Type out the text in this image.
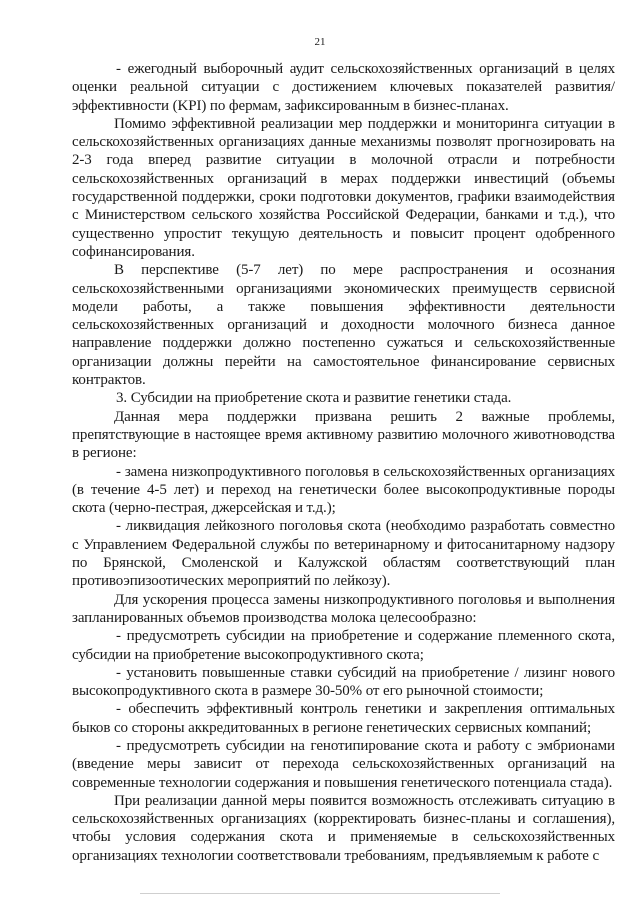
21

- ежегодный выборочный аудит сельскохозяйственных организаций в целях оценки реальной ситуации с достижением ключевых показателей развития/эффективности (KPI) по фермам, зафиксированным в бизнес-планах.

Помимо эффективной реализации мер поддержки и мониторинга ситуации в сельскохозяйственных организациях данные механизмы позволят прогнозировать на 2-3 года вперед развитие ситуации в молочной отрасли и потребности сельскохозяйственных организаций в мерах поддержки инвестиций (объемы государственной поддержки, сроки подготовки документов, графики взаимодействия с Министерством сельского хозяйства Российской Федерации, банками и т.д.), что существенно упростит текущую деятельность и повысит процент одобренного софинансирования.

В перспективе (5-7 лет) по мере распространения и осознания сельскохозяйственными организациями экономических преимуществ сервисной модели работы, а также повышения эффективности деятельности сельскохозяйственных организаций и доходности молочного бизнеса данное направление поддержки должно постепенно сужаться и сельскохозяйственные организации должны перейти на самостоятельное финансирование сервисных контрактов.

3. Субсидии на приобретение скота и развитие генетики стада.

Данная мера поддержки призвана решить 2 важные проблемы, препятствующие в настоящее время активному развитию молочного животноводства в регионе:

- замена низкопродуктивного поголовья в сельскохозяйственных организациях (в течение 4-5 лет) и переход на генетически более высокопродуктивные породы скота (черно-пестрая, джерсейская и т.д.);

- ликвидация лейкозного поголовья скота (необходимо разработать совместно с Управлением Федеральной службы по ветеринарному и фитосанитарному надзору по Брянской, Смоленской и Калужской областям соответствующий план противоэпизоотических мероприятий по лейкозу).

Для ускорения процесса замены низкопродуктивного поголовья и выполнения запланированных объемов производства молока целесообразно:

- предусмотреть субсидии на приобретение и содержание племенного скота, субсидии на приобретение высокопродуктивного скота;

- установить повышенные ставки субсидий на приобретение / лизинг нового высокопродуктивного скота в размере 30-50% от его рыночной стоимости;

- обеспечить эффективный контроль генетики и закрепления оптимальных быков со стороны аккредитованных в регионе генетических сервисных компаний;

- предусмотреть субсидии на генотипирование скота и работу с эмбрионами (введение меры зависит от перехода сельскохозяйственных организаций на современные технологии содержания и повышения генетического потенциала стада).

При реализации данной меры появится возможность отслеживать ситуацию в сельскохозяйственных организациях (корректировать бизнес-планы и соглашения), чтобы условия содержания скота и применяемые в сельскохозяйственных организациях технологии соответствовали требованиям, предъявляемым к работе с
